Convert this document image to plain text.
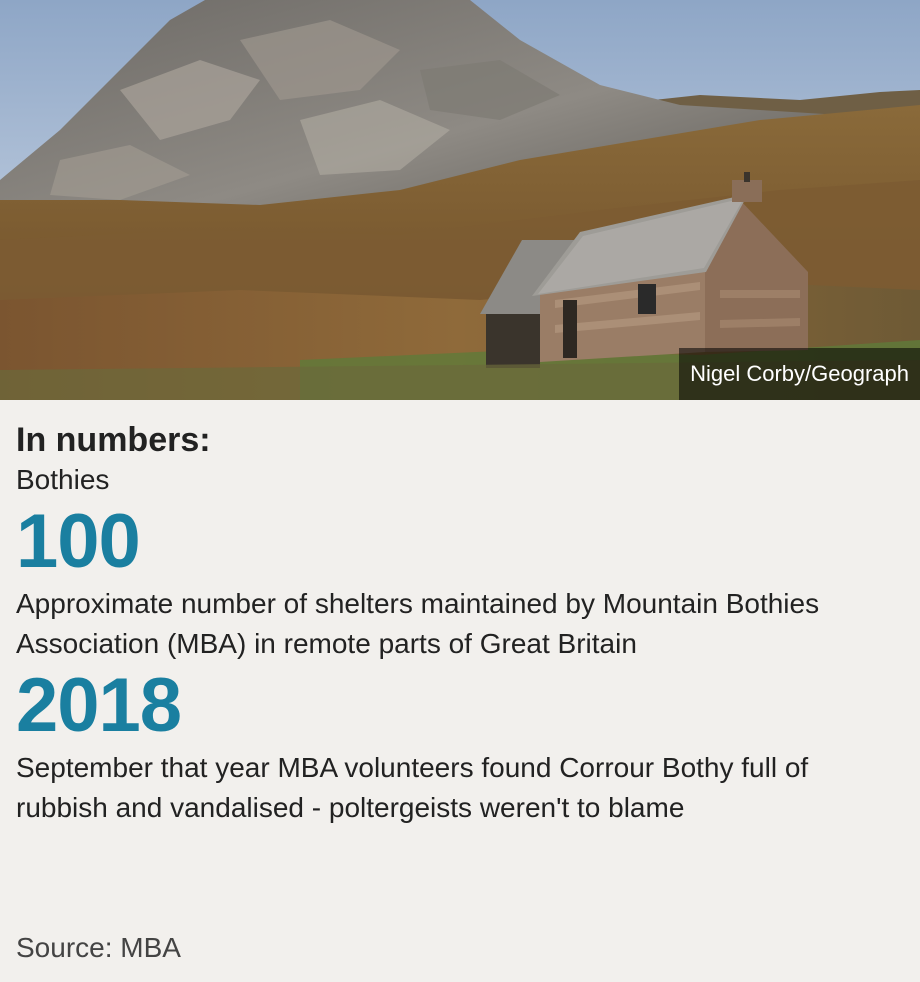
Nigel Corby/Geograph
In numbers:

Bothies

100
Approximate number of shelters maintained by Mountain Bothies Association (MBA) in remote parts of Great Britain
2018
September that year MBA volunteers found Corrour Bothy full of rubbish and vandalised - poltergeists weren't to blame
Source: MBA
